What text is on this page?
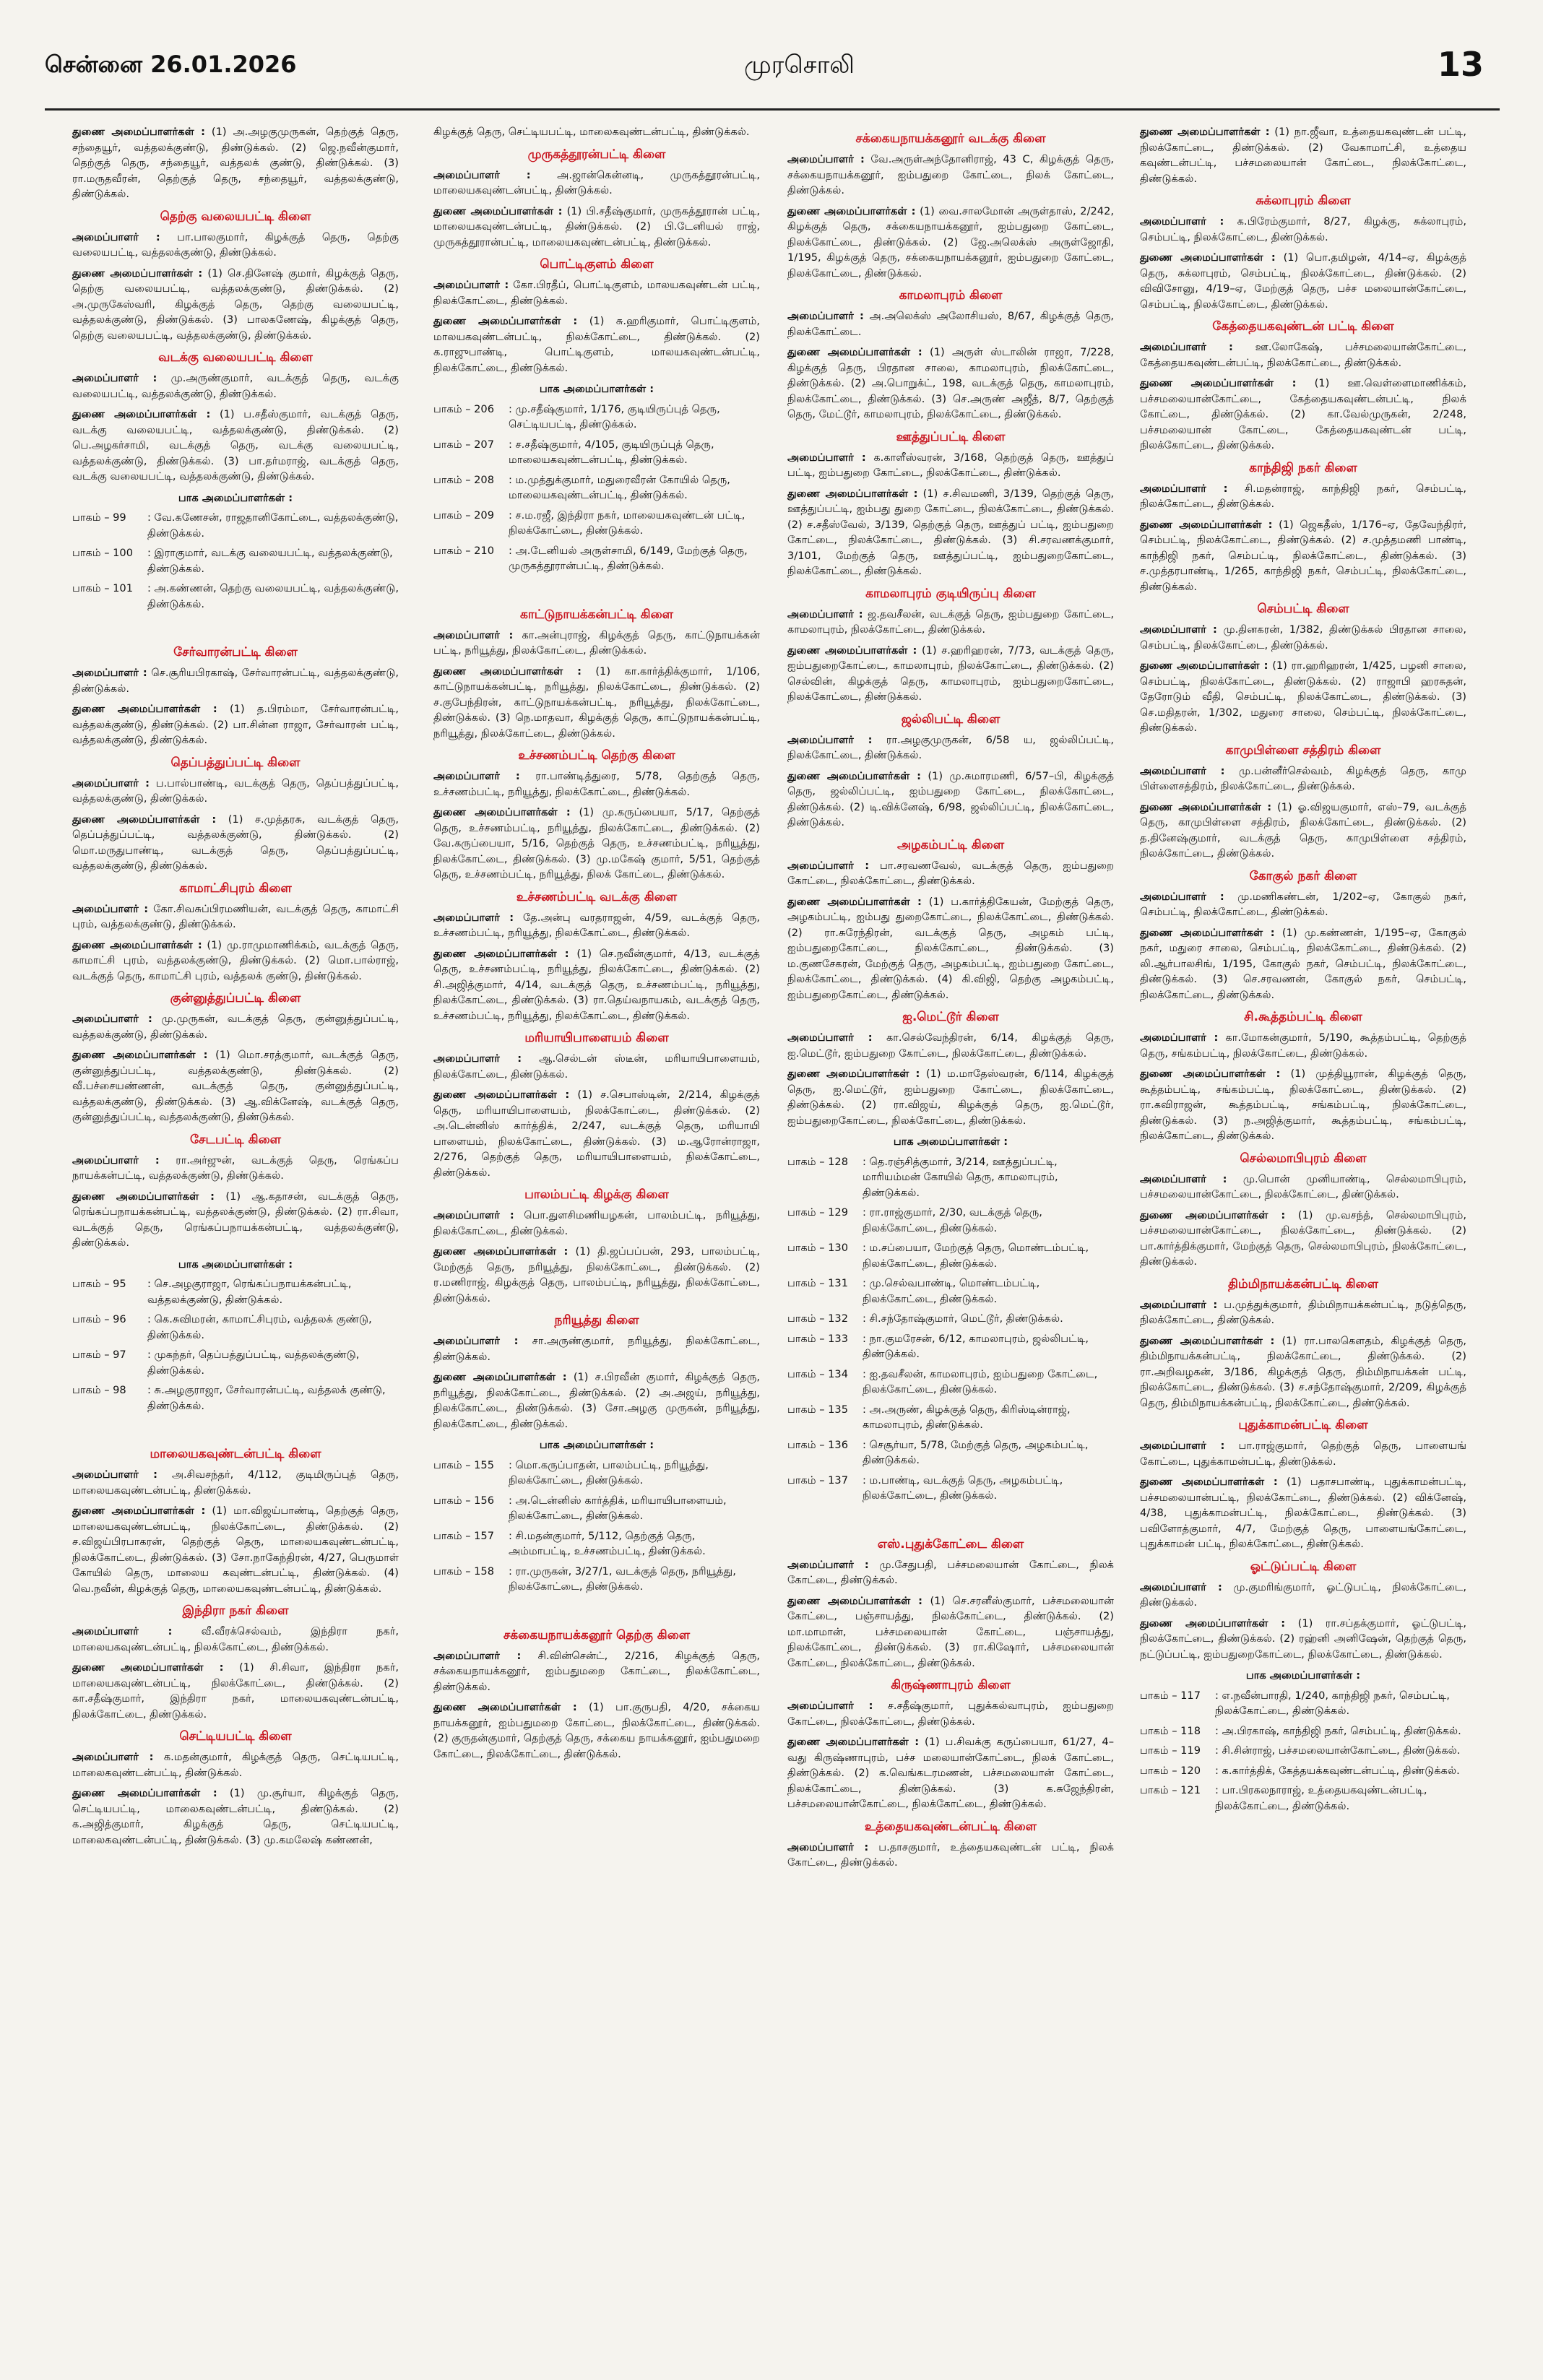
சென்னை 26.01.2026	முரசொலி	13

துணை அமைப்பாளர்கள் : (1) அ.அழகுமுருகன், தெற்குத் தெரு, சந்தையூர், வத்தலக்குண்டு, திண்டுக்கல். (2) ஜெ.நவீன்குமார், தெற்குத் தெரு, சந்தையூர், வத்தலக் குண்டு, திண்டுக்கல். (3) ரா.மருதவீரன், தெற்குத் தெரு, சந்தையூர், வத்தலக்குண்டு, திண்டுக்கல்.

தெற்கு வலையபட்டி கிளை

அமைப்பாளர் : பா.பாலகுமார், கிழக்குத் தெரு, தெற்கு வலையபட்டி, வத்தலக்குண்டு, திண்டுக்கல்.

துணை அமைப்பாளர்கள் : (1) செ.தினேஷ் குமார், கிழக்குத் தெரு, தெற்கு வலையபட்டி, வத்தலக்குண்டு, திண்டுக்கல். (2) அ.முருகேஸ்வரி, கிழக்குத் தெரு, தெற்கு வலையபட்டி, வத்தலக்குண்டு, திண்டுக்கல். (3) பாலகணேஷ், கிழக்குத் தெரு, தெற்கு வலையபட்டி, வத்தலக்குண்டு, திண்டுக்கல்.

வடக்கு வலையபட்டி கிளை

அமைப்பாளர் : மு.அருண்குமார், வடக்குத் தெரு, வடக்கு வலையபட்டி, வத்தலக்குண்டு, திண்டுக்கல்.

துணை அமைப்பாளர்கள் : (1) ப.சதீஸ்குமார், வடக்குத் தெரு, வடக்கு வலையபட்டி, வத்தலக்குண்டு, திண்டுக்கல். (2) பெ.அழகர்சாமி, வடக்குத் தெரு, வடக்கு வலையபட்டி, வத்தலக்குண்டு, திண்டுக்கல். (3) பா.தர்மராஜ், வடக்குத் தெரு, வடக்கு வலையபட்டி, வத்தலக்குண்டு, திண்டுக்கல்.

பாக அமைப்பாளர்கள் :
பாகம் – 99	: வே.கணேசன், ராஜதானிகோட்டை, வத்தலக்குண்டு, திண்டுக்கல்.
பாகம் – 100	: இராகுமார், வடக்கு வலையபட்டி, வத்தலக்குண்டு, திண்டுக்கல்.
பாகம் – 101	: அ.கண்ணன், தெற்கு வலையபட்டி, வத்தலக்குண்டு, திண்டுக்கல்.
சேர்வாரன்பட்டி கிளை

அமைப்பாளர் : செ.சூரியபிரகாஷ், சேர்வாரன்பட்டி, வத்தலக்குண்டு, திண்டுக்கல்.

துணை அமைப்பாளர்கள் : (1) த.பிரம்மா, சேர்வாரன்பட்டி, வத்தலக்குண்டு, திண்டுக்கல். (2) பா.சின்ன ராஜா, சேர்வாரன் பட்டி, வத்தலக்குண்டு, திண்டுக்கல்.

தெப்பத்துப்பட்டி கிளை

அமைப்பாளர் : ப.பால்பாண்டி, வடக்குத் தெரு, தெப்பத்துப்பட்டி, வத்தலக்குண்டு, திண்டுக்கல்.

துணை அமைப்பாளர்கள் : (1) ச.முத்தரசு, வடக்குத் தெரு, தெப்பத்துப்பட்டி, வத்தலக்குண்டு, திண்டுக்கல். (2) மொ.மருதுபாண்டி, வடக்குத் தெரு, தெப்பத்துப்பட்டி, வத்தலக்குண்டு, திண்டுக்கல்.

காமாட்சிபுரம் கிளை

அமைப்பாளர் : கோ.சிவசுப்பிரமணியன், வடக்குத் தெரு, காமாட்சி புரம், வத்தலக்குண்டு, திண்டுக்கல்.

துணை அமைப்பாளர்கள் : (1) மு.ராமுமாணிக்கம், வடக்குத் தெரு, காமாட்சி புரம், வத்தலக்குண்டு, திண்டுக்கல். (2) மொ.பால்ராஜ், வடக்குத் தெரு, காமாட்சி புரம், வத்தலக் குண்டு, திண்டுக்கல்.

குன்னுத்துப்பட்டி கிளை

அமைப்பாளர் : மு.முருகன், வடக்குத் தெரு, குன்னுத்துப்பட்டி, வத்தலக்குண்டு, திண்டுக்கல்.

துணை அமைப்பாளர்கள் : (1) மொ.சரத்குமார், வடக்குத் தெரு, குன்னுத்துப்பட்டி, வத்தலக்குண்டு, திண்டுக்கல். (2) வீ.பச்சையண்ணன், வடக்குத் தெரு, குன்னுத்துப்பட்டி, வத்தலக்குண்டு, திண்டுக்கல். (3) ஆ.விக்னேஷ், வடக்குத் தெரு, குன்னுத்துப்பட்டி, வத்தலக்குண்டு, திண்டுக்கல்.

சேடபட்டி கிளை

அமைப்பாளர் : ரா.அர்ஜுன், வடக்குத் தெரு, ரெங்கப்ப நாயக்கன்பட்டி, வத்தலக்குண்டு, திண்டுக்கல்.

துணை அமைப்பாளர்கள் : (1) ஆ.கதாசன், வடக்குத் தெரு, ரெங்கப்பநாயக்கன்பட்டி, வத்தலக்குண்டு, திண்டுக்கல். (2) ரா.சிவா, வடக்குத் தெரு, ரெங்கப்பநாயக்கன்பட்டி, வத்தலக்குண்டு, திண்டுக்கல்.

பாக அமைப்பாளர்கள் :
பாகம் – 95	: செ.அழகுராஜா, ரெங்கப்பநாயக்கன்பட்டி, வத்தலக்குண்டு, திண்டுக்கல்.
பாகம் – 96	: கெ.சுவிமரன், காமாட்சிபுரம், வத்தலக் குண்டு, திண்டுக்கல்.
பாகம் – 97	: முகந்தர், தெப்பத்துப்பட்டி, வத்தலக்குண்டு, திண்டுக்கல்.
பாகம் – 98	: சு.அழகுராஜா, சேர்வாரன்பட்டி, வத்தலக் குண்டு, திண்டுக்கல்.
மாலையகவுண்டன்பட்டி கிளை

அமைப்பாளர் : அ.சிவசந்தர், 4/112, குடிமிருப்புத் தெரு, மாலையகவுண்டன்பட்டி, திண்டுக்கல்.

துணை அமைப்பாளர்கள் : (1) மா.விஜய்பாண்டி, தெற்குத் தெரு, மாலையகவுண்டன்பட்டி, நிலக்கோட்டை, திண்டுக்கல். (2) ச.விஜய்பிரபாகரன், தெற்குத் தெரு, மாலையகவுண்டன்பட்டி, நிலக்கோட்டை, திண்டுக்கல். (3) சோ.நாகேந்திரன், 4/27, பெருமாள் கோயில் தெரு, மாலைய கவுண்டன்பட்டி, திண்டுக்கல். (4) வெ.நவீன், கிழக்குத் தெரு, மாலையகவுண்டன்பட்டி, திண்டுக்கல்.

இந்திரா நகர் கிளை

அமைப்பாளர் :	வீ.வீரக்செல்வம், இந்திரா நகர், மாலையகவுண்டன்பட்டி, நிலக்கோட்டை, திண்டுக்கல்.

துணை அமைப்பாளர்கள் : (1) சி.சிவா, இந்திரா நகர், மாலையகவுண்டன்பட்டி, நிலக்கோட்டை, திண்டுக்கல். (2) கா.சதீஷ்குமார், இந்திரா நகர், மாலையகவுண்டன்பட்டி, நிலக்கோட்டை, திண்டுக்கல்.

செட்டியபட்டி கிளை

அமைப்பாளர் : க.மதன்குமார், கிழக்குத் தெரு, செட்டியபட்டி, மாலைகவுண்டன்பட்டி, திண்டுக்கல்.

துணை அமைப்பாளர்கள் : (1) மு.சூர்யா, கிழக்குத் தெரு, செட்டியபட்டி, மாலைகவுண்டன்பட்டி, திண்டுக்கல். (2) க.அஜித்குமார், கிழக்குத் தெரு, செட்டியபட்டி, மாலைகவுண்டன்பட்டி, திண்டுக்கல். (3) மு.கமலேஷ் கண்ணன்,

கிழக்குத் தெரு, செட்டியபட்டி, மாலைகவுண்டன்பட்டி, திண்டுக்கல்.

முருகத்தூரன்பட்டி கிளை

அமைப்பாளர் : அ.ஜான்கென்னடி, முருகத்தூரன்பட்டி, மாலையகவுண்டன்பட்டி, திண்டுக்கல்.

துணை அமைப்பாளர்கள் : (1) பி.சதீஷ்குமார், முருகத்தூரான் பட்டி, மாலையகவுண்டன்பட்டி, திண்டுக்கல். (2) பி.டேனியல் ராஜ், முருகத்தூரான்பட்டி, மாலையகவுண்டன்பட்டி, திண்டுக்கல்.

பொட்டிகுளம் கிளை

அமைப்பாளர் : கோ.பிரதீப், பொட்டிகுளம், மாலயகவுண்டன் பட்டி, நிலக்கோட்டை, திண்டுக்கல்.

துணை அமைப்பாளர்கள் : (1) சு.ஹரிகுமார், பொட்டிகுளம், மாலயகவுண்டன்பட்டி, நிலக்கோட்டை, திண்டுக்கல். (2) க.ராஜுபாண்டி, பொட்டிகுளம், மாலயகவுண்டன்பட்டி, நிலக்கோட்டை, திண்டுக்கல்.

பாக அமைப்பாளர்கள் :
பாகம் – 206	: மு.சதீஷ்குமார், 1/176, குடியிருப்புத் தெரு, செட்டியபட்டி, திண்டுக்கல்.
பாகம் – 207	: ச.சதீஷ்குமார், 4/105, குடியிருப்புத் தெரு, மாலையகவுண்டன்பட்டி, திண்டுக்கல்.
பாகம் – 208	: ம.முத்துக்குமார், மதுரைவீரன் கோயில் தெரு, மாலையகவுண்டன்பட்டி, திண்டுக்கல்.
பாகம் – 209	: ச.ம.ரஜீ, இந்திரா நகர், மாலையகவுண்டன் பட்டி, நிலக்கோட்டை, திண்டுக்கல்.
பாகம் – 210	: அ.டேனியல் அருள்சாமி, 6/149, மேற்குத் தெரு, முருகத்தூரான்பட்டி, திண்டுக்கல்.
காட்டுநாயக்கன்பட்டி கிளை

அமைப்பாளர் : கா.அன்புராஜ், கிழக்குத் தெரு, காட்டுநாயக்கன் பட்டி, நரியூத்து, நிலக்கோட்டை, திண்டுக்கல்.

துணை அமைப்பாளர்கள் : (1) கா.கார்த்திக்குமார், 1/106, காட்டுநாயக்கன்பட்டி, நரியூத்து, நிலக்கோட்டை, திண்டுக்கல். (2) ச.குபேந்திரன், காட்டுநாயக்கன்பட்டி, நரியூத்து, நிலக்கோட்டை, திண்டுக்கல். (3) நெ.மாதவா, கிழக்குத் தெரு, காட்டுநாயக்கன்பட்டி, நரியூத்து, நிலக்கோட்டை, திண்டுக்கல்.

உச்சணம்பட்டி தெற்கு கிளை

அமைப்பாளர் : ரா.பாண்டித்துரை, 5/78, தெற்குத் தெரு, உச்சணம்பட்டி, நரியூத்து, நிலக்கோட்டை, திண்டுக்கல்.

துணை அமைப்பாளர்கள் : (1) மு.கருப்பையா, 5/17, தெற்குத் தெரு, உச்சணம்பட்டி, நரியூத்து, நிலக்கோட்டை, திண்டுக்கல். (2) வே.கருப்பையா, 5/16, தெற்குத் தெரு, உச்சணம்பட்டி, நரியூத்து, நிலக்கோட்டை, திண்டுக்கல். (3) மு.மகேஷ் குமார், 5/51, தெற்குத் தெரு, உச்சணம்பட்டி, நரியூத்து, நிலக் கோட்டை, திண்டுக்கல்.

உச்சணம்பட்டி வடக்கு கிளை

அமைப்பாளர் : தே.அன்பு வரதராஜன், 4/59, வடக்குத் தெரு, உச்சணம்பட்டி, நரியூத்து, நிலக்கோட்டை, திண்டுக்கல்.

துணை அமைப்பாளர்கள் : (1) செ.நவீன்குமார், 4/13, வடக்குத் தெரு, உச்சணம்பட்டி, நரியூத்து, நிலக்கோட்டை, திண்டுக்கல். (2) சி.அஜித்குமார், 4/14, வடக்குத் தெரு, உச்சணம்பட்டி, நரியூத்து, நிலக்கோட்டை, திண்டுக்கல். (3) ரா.தெய்வநாயகம், வடக்குத் தெரு, உச்சணம்பட்டி, நரியூத்து, நிலக்கோட்டை, திண்டுக்கல்.

மரியாயிபாளையம் கிளை

அமைப்பாளர் : ஆ.செல்டன் ஸ்டீன், மரியாயிபாளையம், நிலக்கோட்டை, திண்டுக்கல்.

துணை அமைப்பாளர்கள் : (1) ச.செபாஸ்டின், 2/214, கிழக்குத் தெரு, மரியாயிபாளையம், நிலக்கோட்டை, திண்டுக்கல். (2) அ.டென்னிஸ் கார்த்திக், 2/247, வடக்குத் தெரு, மரியாயி பாளையம், நிலக்கோட்டை, திண்டுக்கல். (3) ம.ஆரோன்ராஜா, 2/276, தெற்குத் தெரு, மரியாயிபாளையம், நிலக்கோட்டை, திண்டுக்கல்.

பாலம்பட்டி கிழக்கு கிளை

அமைப்பாளர் : பொ.துளசிமணியழகன், பாலம்பட்டி, நரியூத்து, நிலக்கோட்டை, திண்டுக்கல்.

துணை அமைப்பாளர்கள் : (1) தி.ஜப்பப்பன், 293, பாலம்பட்டி, மேற்குத் தெரு, நரியூத்து, நிலக்கோட்டை, திண்டுக்கல். (2) ர.மணிராஜ், கிழக்குத் தெரு, பாலம்பட்டி, நரியூத்து, நிலக்கோட்டை, திண்டுக்கல்.

நரியூத்து கிளை

அமைப்பாளர் : சா.அருண்குமார், நரியூத்து, நிலக்கோட்டை, திண்டுக்கல்.

துணை அமைப்பாளர்கள் : (1) ச.பிரவீன் குமார், கிழக்குத் தெரு, நரியூத்து, நிலக்கோட்டை, திண்டுக்கல். (2) அ.அஜய், நரியூத்து, நிலக்கோட்டை, திண்டுக்கல். (3) சோ.அழகு முருகன், நரியூத்து, நிலக்கோட்டை, திண்டுக்கல்.

பாக அமைப்பாளர்கள் :
பாகம் – 155	: மொ.கருப்பாதன், பாலம்பட்டி, நரியூத்து, நிலக்கோட்டை, திண்டுக்கல்.
பாகம் – 156	: அ.டென்னிஸ் கார்த்திக், மரியாயிபாளையம், நிலக்கோட்டை, திண்டுக்கல்.
பாகம் – 157	: சி.மதன்குமார், 5/112, தெற்குத் தெரு, அம்மாபட்டி, உச்சணம்பட்டி, திண்டுக்கல்.
பாகம் – 158	: ரா.முருகன், 3/27/1, வடக்குத் தெரு, நரியூத்து, நிலக்கோட்டை, திண்டுக்கல்.
சக்கையநாயக்கனூர் தெற்கு கிளை

அமைப்பாளர் : சி.வின்சென்ட், 2/216, கிழக்குத் தெரு, சக்கையநாயக்கனூர், ஐம்பதுமறை கோட்டை, நிலக்கோட்டை, திண்டுக்கல்.

துணை அமைப்பாளர்கள் : (1) பா.குருபதி, 4/20, சக்கைய நாயக்கனூர், ஐம்பதுமறை கோட்டை, நிலக்கோட்டை, திண்டுக்கல். (2) குருதன்குமார், தெற்குத் தெரு, சக்கைய நாயக்கனூர், ஐம்பதுமறை கோட்டை, நிலக்கோட்டை, திண்டுக்கல்.

சக்கையநாயக்கனூர் வடக்கு கிளை

அமைப்பாளர் : வே.அருள்அந்தோனிராஜ், 43 C, கிழக்குத் தெரு, சக்கையநாயக்கனூர், ஐம்பதுறை கோட்டை, நிலக் கோட்டை, திண்டுக்கல்.

துணை அமைப்பாளர்கள் : (1) வை.சாலமோன் அருள்தாஸ், 2/242, கிழக்குத் தெரு, சக்கையநாயக்கனூர், ஐம்பதுறை கோட்டை, நிலக்கோட்டை, திண்டுக்கல். (2) ஜே.அலெக்ஸ் அருள்ஜோதி, 1/195, கிழக்குத் தெரு, சக்கையநாயக்கனூர், ஐம்பதுறை கோட்டை, நிலக்கோட்டை, திண்டுக்கல்.

காமலாபுரம் கிளை

அமைப்பாளர் : அ.அலெக்ஸ் அலோசியஸ், 8/67, கிழக்குத் தெரு, நிலக்கோட்டை.

துணை அமைப்பாளர்கள் : (1) அருள் ஸ்டாலின் ராஜா, 7/228, கிழக்குத் தெரு, பிரதான சாலை, காமலாபுரம், நிலக்கோட்டை, திண்டுக்கல். (2) அ.பொறுக்ட், 198, வடக்குத் தெரு, காமலாபுரம், நிலக்கோட்டை, திண்டுக்கல். (3) செ.அருண் அஜீத், 8/7, தெற்குத் தெரு, மேட்டூர், காமலாபுரம், நிலக்கோட்டை, திண்டுக்கல்.

ஊத்துப்பட்டி கிளை

அமைப்பாளர் : க.காளீஸ்வரன், 3/168, தெற்குத் தெரு, ஊத்துப் பட்டி, ஐம்பதுறை கோட்டை, நிலக்கோட்டை, திண்டுக்கல்.

துணை அமைப்பாளர்கள் : (1) ச.சிவமணி, 3/139, தெற்குத் தெரு, ஊத்துப்பட்டி, ஐம்பது துறை கோட்டை, நிலக்கோட்டை, திண்டுக்கல். (2) ச.சதீஸ்வேல், 3/139, தெற்குத் தெரு, ஊத்துப் பட்டி, ஐம்பதுறை கோட்டை, நிலக்கோட்டை, திண்டுக்கல். (3) சி.சரவணக்குமார், 3/101, மேற்குத் தெரு, ஊத்துப்பட்டி, ஐம்பதுறைகோட்டை, நிலக்கோட்டை, திண்டுக்கல்.

காமலாபுரம் குடியிருப்பு கிளை

அமைப்பாளர் : ஜ.தவசீலன், வடக்குத் தெரு, ஐம்பதுறை கோட்டை, காமலாபுரம், நிலக்கோட்டை, திண்டுக்கல்.

துணை அமைப்பாளர்கள் : (1) ச.ஹரிஹரன், 7/73, வடக்குத் தெரு, ஐம்பதுறைகோட்டை, காமலாபுரம், நிலக்கோட்டை, திண்டுக்கல். (2) செல்வின், கிழக்குத் தெரு, காமலாபுரம், ஐம்பதுறைகோட்டை, நிலக்கோட்டை, திண்டுக்கல்.

ஜல்லிபட்டி கிளை

அமைப்பாளர் : ரா.அழகுமுருகன், 6/58 ய, ஜல்லிப்பட்டி, நிலக்கோட்டை, திண்டுக்கல்.

துணை அமைப்பாளர்கள் : (1) மு.சுமாரமணி, 6/57–பி, கிழக்குத் தெரு, ஜல்லிப்பட்டி, ஐம்பதுறை கோட்டை, நிலக்கோட்டை, திண்டுக்கல். (2) டி.விக்னேஷ், 6/98, ஜல்லிப்பட்டி, நிலக்கோட்டை, திண்டுக்கல்.

அழகம்பட்டி கிளை

அமைப்பாளர் : பா.சரவணவேல், வடக்குத் தெரு, ஐம்பதுறை கோட்டை, நிலக்கோட்டை, திண்டுக்கல்.

துணை அமைப்பாளர்கள் : (1) ப.கார்த்திகேயன், மேற்குத் தெரு, அழகம்பட்டி, ஐம்பது துறைகோட்டை, நிலக்கோட்டை, திண்டுக்கல். (2) ரா.சுரேந்திரன், வடக்குத் தெரு, அழகம் பட்டி, ஐம்பதுறைகோட்டை, நிலக்கோட்டை, திண்டுக்கல். (3) ம.குணசேகரன், மேற்குத் தெரு, அழகம்பட்டி, ஐம்பதுறை கோட்டை, நிலக்கோட்டை, திண்டுக்கல். (4) கி.விஜி, தெற்கு அழகம்பட்டி, ஐம்பதுறைகோட்டை, திண்டுக்கல்.

ஐ.மெட்டூர் கிளை

அமைப்பாளர் : கா.செல்வேந்திரன், 6/14, கிழக்குத் தெரு, ஐ.மெட்டூர், ஐம்பதுறை கோட்டை, நிலக்கோட்டை, திண்டுக்கல்.

துணை அமைப்பாளர்கள் : (1) ம.மாதேஸ்வரன், 6/114, கிழக்குத் தெரு, ஐ.மெட்டூர், ஐம்பதுறை கோட்டை, நிலக்கோட்டை, திண்டுக்கல். (2) ரா.விஜய், கிழக்குத் தெரு, ஐ.மெட்டூர், ஐம்பதுறைகோட்டை, நிலக்கோட்டை, திண்டுக்கல்.

பாக அமைப்பாளர்கள் :
பாகம் – 128	: தெ.ரஞ்சித்குமார், 3/214, ஊத்துப்பட்டி, மாரியம்மன் கோயில் தெரு, காமலாபுரம், திண்டுக்கல்.
பாகம் – 129	: ரா.ராஜ்குமார், 2/30, வடக்குத் தெரு, நிலக்கோட்டை, திண்டுக்கல்.
பாகம் – 130	: ம.சப்பையா, மேற்குத் தெரு, மொண்டம்பட்டி, நிலக்கோட்டை, திண்டுக்கல்.
பாகம் – 131	: மு.செல்வபாண்டி, மொண்டம்பட்டி, நிலக்கோட்டை, திண்டுக்கல்.
பாகம் – 132	: சி.சந்தோஷ்குமார், மெட்டூர், திண்டுக்கல்.
பாகம் – 133	: நா.குமரேசன், 6/12, காமலாபுரம், ஜல்லிபட்டி, திண்டுக்கல்.
பாகம் – 134	: ஐ.தவசீலன், காமலாபுரம், ஐம்பதுறை கோட்டை, நிலக்கோட்டை, திண்டுக்கல்.
பாகம் – 135	: அ.அருண், கிழக்குத் தெரு, கிரிஸ்டின்ராஜ், காமலாபுரம், திண்டுக்கல்.
பாகம் – 136	: செசூர்யா, 5/78, மேற்குத் தெரு, அழகம்பட்டி, திண்டுக்கல்.
பாகம் – 137	: ம.பாண்டி, வடக்குத் தெரு, அழகம்பட்டி, நிலக்கோட்டை, திண்டுக்கல்.
எஸ்.புதுக்கோட்டை கிளை

அமைப்பாளர் : மு.சேதுபதி, பச்சமலையான் கோட்டை, நிலக் கோட்டை, திண்டுக்கல்.

துணை அமைப்பாளர்கள் : (1) செ.சரனீஸ்குமார், பச்சமலையான் கோட்டை, பஞ்சாயத்து, நிலக்கோட்டை, திண்டுக்கல். (2) மா.மாமான், பச்சமலையான் கோட்டை, பஞ்சாயத்து, நிலக்கோட்டை, திண்டுக்கல். (3) ரா.கிஷோர், பச்சமலையான் கோட்டை, நிலக்கோட்டை, திண்டுக்கல்.

கிருஷ்ணாபுரம் கிளை

அமைப்பாளர் : ச.சதீஷ்குமார், புதுக்கல்வாபுரம், ஐம்பதுறை கோட்டை, நிலக்கோட்டை, திண்டுக்கல்.

துணை அமைப்பாளர்கள் : (1) ப.சிவக்கு கருப்பையா, 61/27, 4–வது கிருஷ்ணாபுரம், பச்ச மலையான்கோட்டை, நிலக் கோட்டை, திண்டுக்கல். (2) க.வெங்கடரமணன், பச்சமலையான் கோட்டை, நிலக்கோட்டை, திண்டுக்கல். (3) க.சுஜேந்திரன், பச்சமலையான்கோட்டை, நிலக்கோட்டை, திண்டுக்கல்.

உத்தையகவுண்டன்பட்டி கிளை

அமைப்பாளர் : ப.தாசகுமார், உத்தையகவுண்டன் பட்டி, நிலக் கோட்டை, திண்டுக்கல்.

துணை அமைப்பாளர்கள் : (1) நா.ஜீவா, உத்தையகவுண்டன் பட்டி, நிலக்கோட்டை, திண்டுக்கல். (2) வேகாமாட்சி, உத்தைய கவுண்டன்பட்டி, பச்சமலையான் கோட்டை, நிலக்கோட்டை, திண்டுக்கல்.

சுக்லாபுரம் கிளை

அமைப்பாளர் : க.பிரேம்குமார், 8/27, கிழக்கு, சுக்லாபுரம், செம்பட்டி, நிலக்கோட்டை, திண்டுக்கல்.

துணை அமைப்பாளர்கள் : (1) பொ.தமிழன், 4/14–ஏ, கிழக்குத் தெரு, சுக்லாபுரம், செம்பட்டி, நிலக்கோட்டை, திண்டுக்கல். (2) விவிசோனு, 4/19–ஏ, மேற்குத் தெரு, பச்ச மலையான்கோட்டை, செம்பட்டி, நிலக்கோட்டை, திண்டுக்கல்.

கேத்தையகவுண்டன் பட்டி கிளை

அமைப்பாளர் : ஊ.லோகேஷ், பச்சமலையான்கோட்டை, கேத்தையகவுண்டன்பட்டி, நிலக்கோட்டை, திண்டுக்கல்.

துணை அமைப்பாளர்கள் : (1) ஊ.வெள்ளைமாணிக்கம், பச்சமலையான்கோட்டை, கேத்தையகவுண்டன்பட்டி, நிலக் கோட்டை, திண்டுக்கல். (2) கா.வேல்முருகன், 2/248, பச்சமலையான் கோட்டை, கேத்தையகவுண்டன் பட்டி, நிலக்கோட்டை, திண்டுக்கல்.

காந்திஜி நகர் கிளை

அமைப்பாளர் : சி.மதன்ராஜ், காந்திஜி நகர், செம்பட்டி, நிலக்கோட்டை, திண்டுக்கல்.

துணை அமைப்பாளர்கள் : (1) ஜெகதீஸ், 1/176–ஏ, தேவேந்திரர், செம்பட்டி, நிலக்கோட்டை, திண்டுக்கல். (2) ச.முத்தமணி பாண்டி, காந்திஜி நகர், செம்பட்டி, நிலக்கோட்டை, திண்டுக்கல். (3) ச.முத்தரபாண்டி, 1/265, காந்திஜி நகர், செம்பட்டி, நிலக்கோட்டை, திண்டுக்கல்.

செம்பட்டி கிளை

அமைப்பாளர் : மு.தினகரன், 1/382, திண்டுக்கல் பிரதான சாலை, செம்பட்டி, நிலக்கோட்டை, திண்டுக்கல்.

துணை அமைப்பாளர்கள் : (1) ரா.ஹரிஹரன், 1/425, பழனி சாலை, செம்பட்டி, நிலக்கோட்டை, திண்டுக்கல். (2) ராஜாபி ஹரசுதன், தேரோடும் வீதி, செம்பட்டி, நிலக்கோட்டை, திண்டுக்கல். (3) செ.மதிதரன், 1/302, மதுரை சாலை, செம்பட்டி, நிலக்கோட்டை, திண்டுக்கல்.

காமுபிள்ளை சத்திரம் கிளை

அமைப்பாளர் : மு.பன்னீர்செல்வம், கிழக்குத் தெரு, காமு பிள்ளைசத்திரம், நிலக்கோட்டை, திண்டுக்கல்.

துணை அமைப்பாளர்கள் : (1) ஓ.விஜயகுமார், எஸ்–79, வடக்குத் தெரு, காமுபிள்ளை சத்திரம், நிலக்கோட்டை, திண்டுக்கல். (2) த.தினேஷ்குமார், வடக்குத் தெரு, காமுபிள்ளை சத்திரம், நிலக்கோட்டை, திண்டுக்கல்.

கோகுல் நகர் கிளை

அமைப்பாளர் : மு.மணிகண்டன், 1/202–ஏ, கோகுல் நகர், செம்பட்டி, நிலக்கோட்டை, திண்டுக்கல்.

துணை அமைப்பாளர்கள் : (1) மு.கண்ணன், 1/195–ஏ, கோகுல் நகர், மதுரை சாலை, செம்பட்டி, நிலக்கோட்டை, திண்டுக்கல். (2) லி.ஆர்பாலசிங், 1/195, கோகுல் நகர், செம்பட்டி, நிலக்கோட்டை, திண்டுக்கல். (3) செ.சரவணன், கோகுல் நகர், செம்பட்டி, நிலக்கோட்டை, திண்டுக்கல்.

சி.கூத்தம்பட்டி கிளை

அமைப்பாளர் : கா.மோகன்குமார், 5/190, கூத்தம்பட்டி, தெற்குத் தெரு, சங்கம்பட்டி, நிலக்கோட்டை, திண்டுக்கல்.

துணை அமைப்பாளர்கள் : (1) முத்தியூரான், கிழக்குத் தெரு, கூத்தம்பட்டி, சங்கம்பட்டி, நிலக்கோட்டை, திண்டுக்கல். (2) ரா.கவிராஜன், கூத்தம்பட்டி, சங்கம்பட்டி, நிலக்கோட்டை, திண்டுக்கல். (3) ந.அஜித்குமார், கூத்தம்பட்டி, சங்கம்பட்டி, நிலக்கோட்டை, திண்டுக்கல்.

செல்லமாபிபுரம் கிளை

அமைப்பாளர் : மு.பொன் முனியாண்டி, செல்லமாபிபுரம், பச்சமலையான்கோட்டை, நிலக்கோட்டை, திண்டுக்கல்.

துணை அமைப்பாளர்கள் : (1) மு.வசந்த், செல்லமாபிபுரம், பச்சமலையான்கோட்டை, நிலக்கோட்டை, திண்டுக்கல். (2) பா.கார்த்திக்குமார், மேற்குத் தெரு, செல்லமாபிபுரம், நிலக்கோட்டை, திண்டுக்கல்.

திம்மிநாயக்கன்பட்டி கிளை

அமைப்பாளர் : ப.முத்துக்குமார், திம்மிநாயக்கன்பட்டி, நடுத்தெரு, நிலக்கோட்டை, திண்டுக்கல்.

துணை அமைப்பாளர்கள் : (1) ரா.பாலகௌதம், கிழக்குத் தெரு, திம்மிநாயக்கன்பட்டி, நிலக்கோட்டை, திண்டுக்கல். (2) ரா.அறிவழகன், 3/186, கிழக்குத் தெரு, திம்மிநாயக்கன் பட்டி, நிலக்கோட்டை, திண்டுக்கல். (3) ச.சந்தோஷ்குமார், 2/209, கிழக்குத் தெரு, திம்மிநாயக்கன்பட்டி, நிலக்கோட்டை, திண்டுக்கல்.

புதுக்காமன்பட்டி கிளை

அமைப்பாளர் : பா.ராஜ்குமார், தெற்குத் தெரு, பாளையங் கோட்டை, புதுக்காமன்பட்டி, திண்டுக்கல்.

துணை அமைப்பாளர்கள் : (1) பதாசபாண்டி, புதுக்காமன்பட்டி, பச்சமலையான்பட்டி, நிலக்கோட்டை, திண்டுக்கல். (2) விக்னேஷ், 4/38, புதுக்காமன்பட்டி, நிலக்கோட்டை, திண்டுக்கல். (3) பவிளோத்குமார், 4/7, மேற்குத் தெரு, பாளையங்கோட்டை, புதுக்காமன் பட்டி, நிலக்கோட்டை, திண்டுக்கல்.

ஓட்டுப்பட்டி கிளை

அமைப்பாளர் : மு.குமரிங்குமார், ஓட்டுபட்டி, நிலக்கோட்டை, திண்டுக்கல்.

துணை அமைப்பாளர்கள் : (1) ரா.சப்தக்குமார், ஓட்டுபட்டி, நிலக்கோட்டை, திண்டுக்கல். (2) ரஹ்னி அனிஷேன், தெற்குத் தெரு, நட்டுப்பட்டி, ஐம்பதுறைகோட்டை, நிலக்கோட்டை, திண்டுக்கல்.

பாக அமைப்பாளர்கள் :
பாகம் – 117	: எ.நவீன்பாரதி, 1/240, காந்திஜி நகர், செம்பட்டி, நிலக்கோட்டை, திண்டுக்கல்.
பாகம் – 118	: அ.பிரகாஷ், காந்திஜி நகர், செம்பட்டி, திண்டுக்கல்.
பாகம் – 119	: சி.சின்ராஜ், பச்சமலையான்கோட்டை, திண்டுக்கல்.
பாகம் – 120	: க.கார்த்திக், கேத்தயக்கவுண்டன்பட்டி, திண்டுக்கல்.
பாகம் – 121	: பா.பிரகலநாராஜ், உத்தையகவுண்டன்பட்டி, நிலக்கோட்டை, திண்டுக்கல்.
